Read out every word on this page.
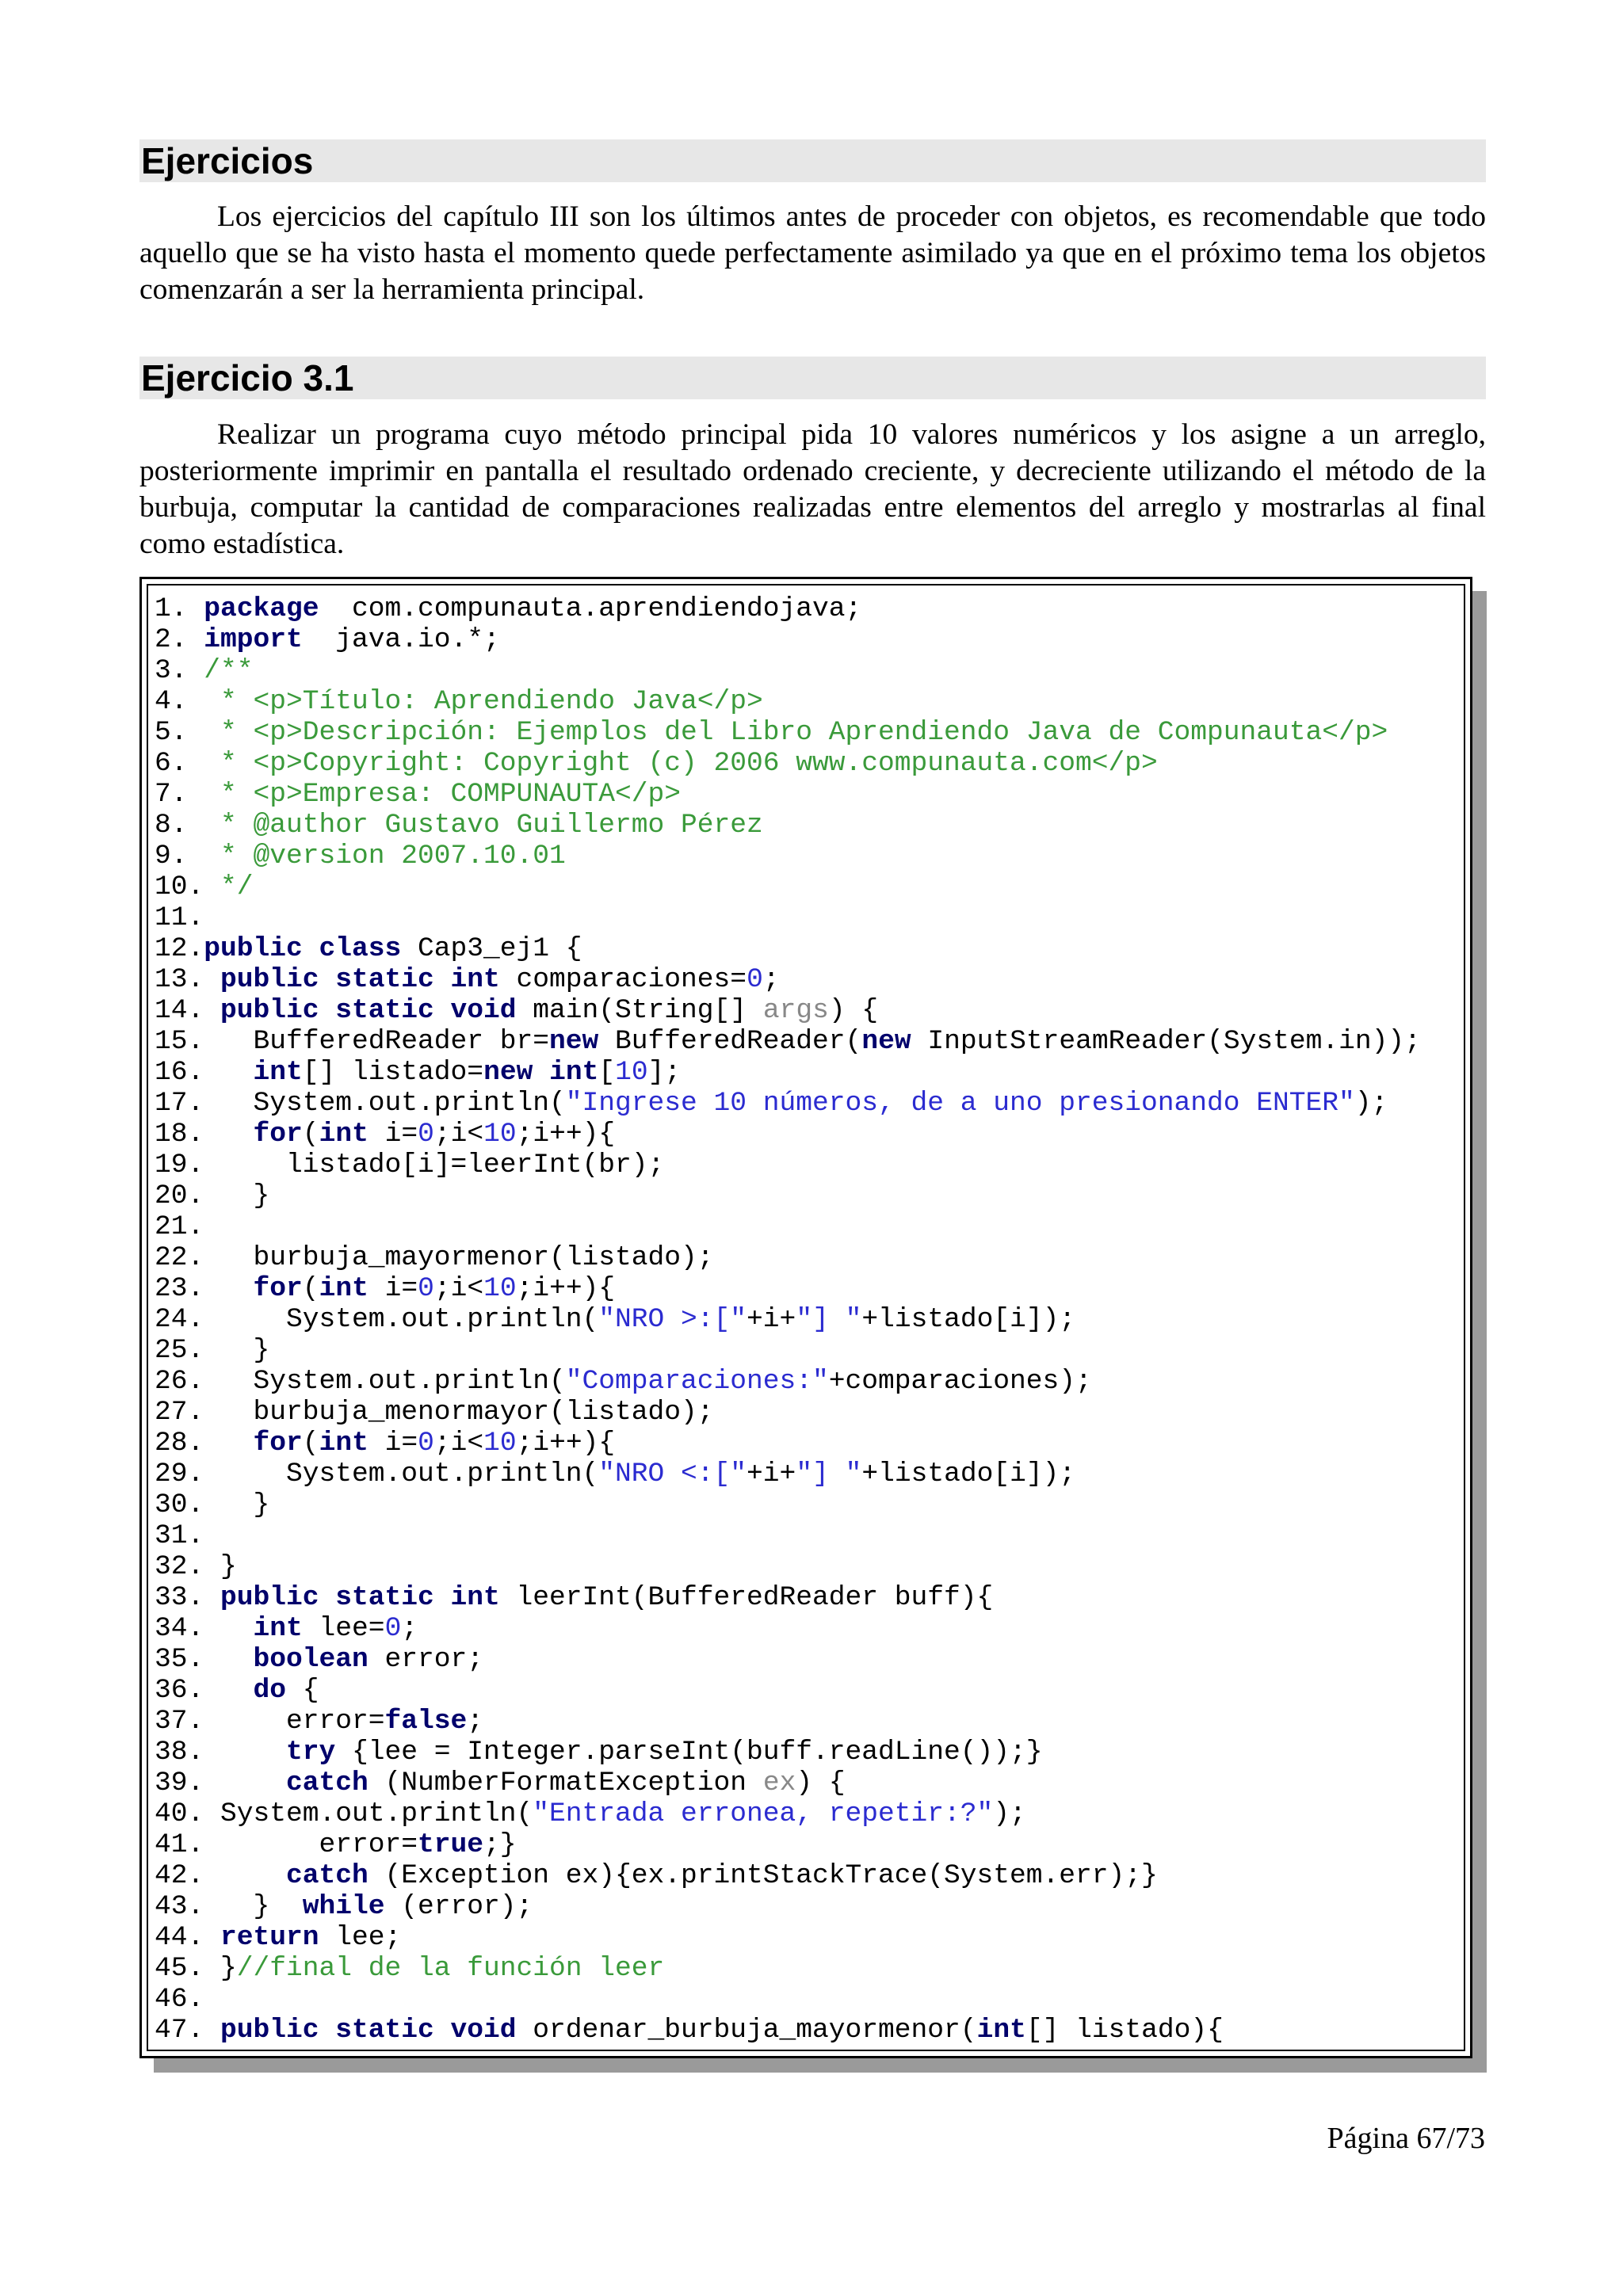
Ejercicios

Los ejercicios del capítulo III son los últimos antes de proceder con objetos, es recomendable que todo aquello que se ha visto hasta el momento quede perfectamente asimilado ya que en el próximo tema los objetos comenzarán a ser la herramienta principal.

Ejercicio 3.1

Realizar un programa cuyo método principal pida 10 valores numéricos y los asigne a un arreglo, posteriormente imprimir en pantalla el resultado ordenado creciente, y decreciente utilizando el método de la burbuja, computar la cantidad de comparaciones realizadas entre elementos del arreglo y mostrarlas al final como estadística.

1. package  com.compunauta.aprendiendojava;
2. import  java.io.*;
3. /**
4.  * <p>Título: Aprendiendo Java</p>
5.  * <p>Descripción: Ejemplos del Libro Aprendiendo Java de Compunauta</p>
6.  * <p>Copyright: Copyright (c) 2006 www.compunauta.com</p>
7.  * <p>Empresa: COMPUNAUTA</p>
8.  * @author Gustavo Guillermo Pérez
9.  * @version 2007.10.01
10. */
11.
12.public class Cap3_ej1 {
13. public static int comparaciones=0;
14. public static void main(String[] args) {
15.   BufferedReader br=new BufferedReader(new InputStreamReader(System.in));
16. int[] listado=new int[10];
17.   System.out.println("Ingrese 10 números, de a uno presionando ENTER");
18. for(int i=0;i<10;i++){
19.     listado[i]=leerInt(br);
20.   }
21.
22.   burbuja_mayormenor(listado);
23. for(int i=0;i<10;i++){
24.     System.out.println("NRO >:["+i+"] "+listado[i]);
25.   }
26.   System.out.println("Comparaciones:"+comparaciones);
27.   burbuja_menormayor(listado);
28. for(int i=0;i<10;i++){
29.     System.out.println("NRO <:["+i+"] "+listado[i]);
30.   }
31.
32. }
33. public static int leerInt(BufferedReader buff){
34. int lee=0;
35. boolean error;
36. do {
37.     error=false;
38.	try {lee = Integer.parseInt(buff.readLine());}
39.	catch (NumberFormatException ex) {
40. System.out.println("Entrada erronea, repetir:?");
41.       error=true;}
42.	catch (Exception ex){ex.printStackTrace(System.err);}
43.   }  while (error);
44. return lee;
45. }//final de la función leer
46.
47. public static void ordenar_burbuja_mayormenor(int[] listado){
Página 67/73
